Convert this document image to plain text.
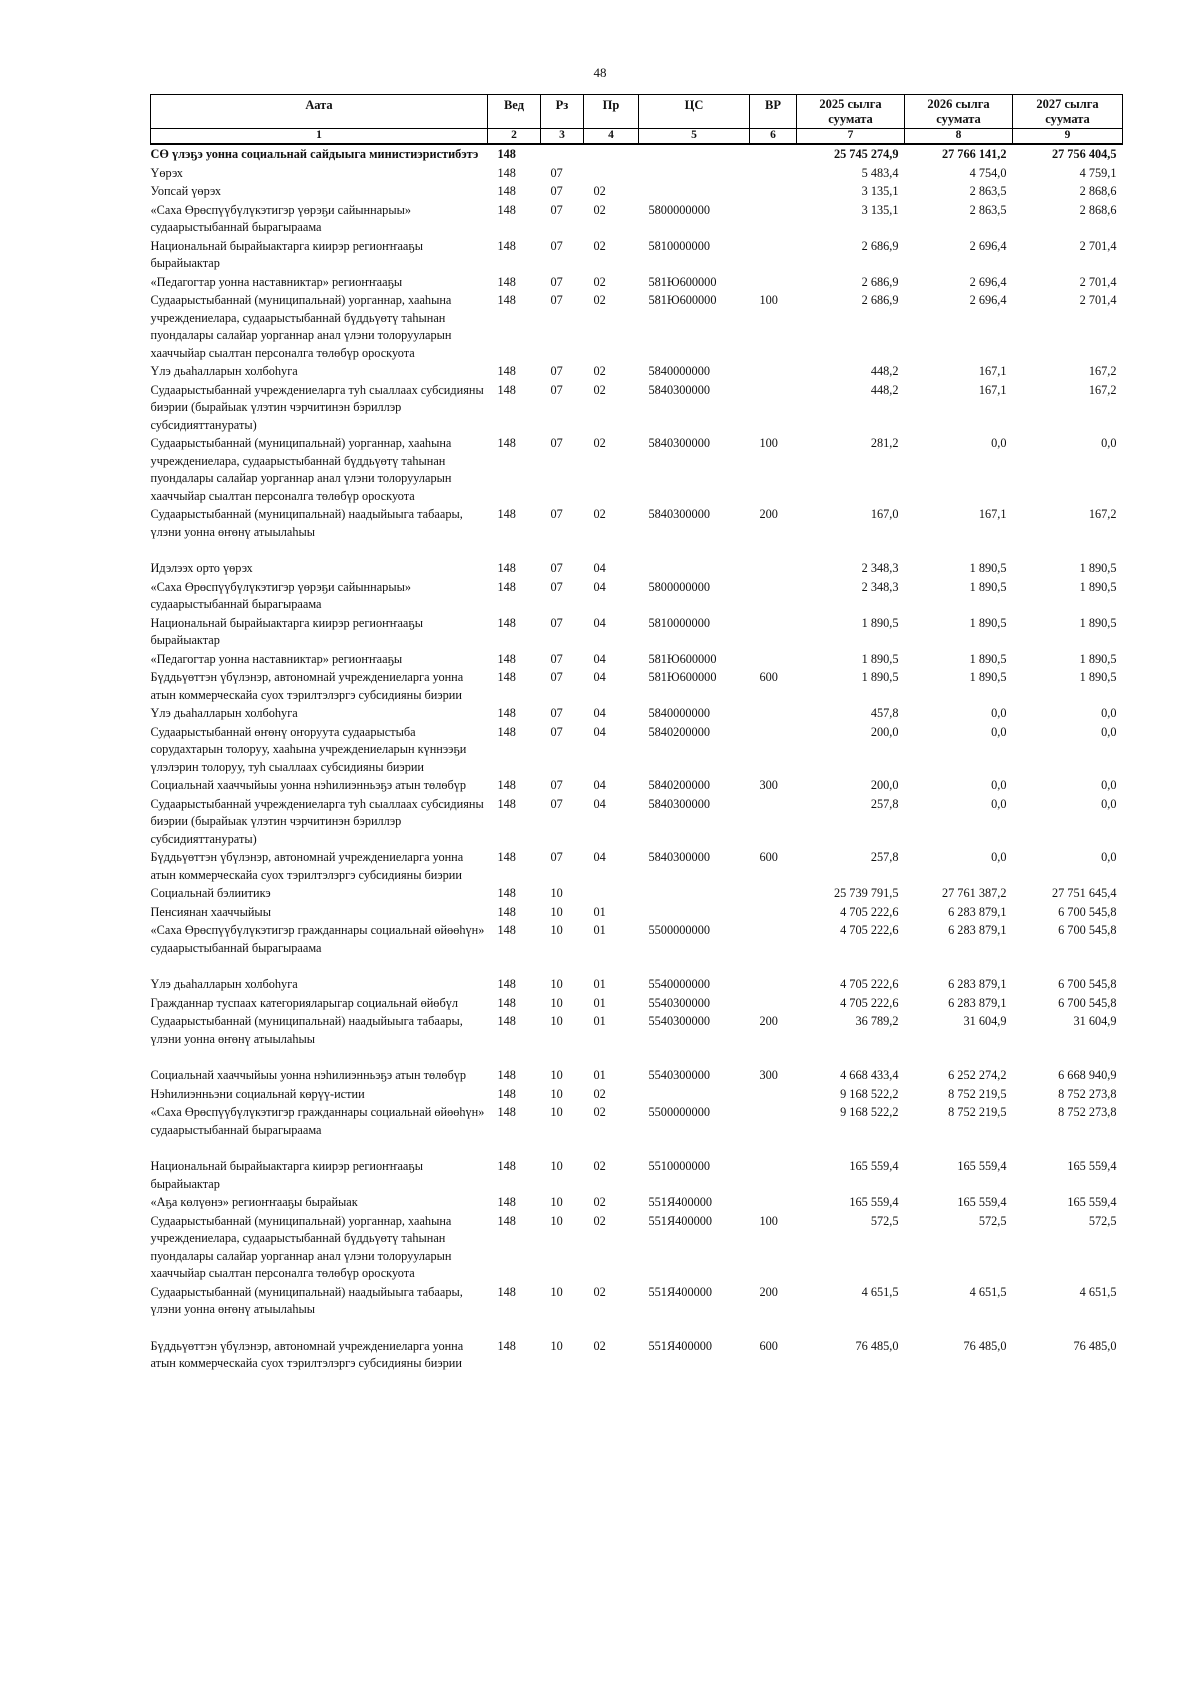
48
Аата	Вед	Рз	Пр	ЦС	ВР	2025 сылга суумата	2026 сылга суумата	2027 сылга суумата
1	2	3	4	5	6	7	8	9
СӨ үлэҕэ уонна социальнай сайдыыга министиэристибэтэ	148					25 745 274,9	27 766 141,2	27 756 404,5
Үөрэх	148	07				5 483,4	4 754,0	4 759,1
Уопсай үөрэх	148	07	02			3 135,1	2 863,5	2 868,6
«Саха Өрөспүүбүлүкэтигэр үөрэҕи сайыннарыы» судаарыстыбаннай бырагыраама	148	07	02	5800000000		3 135,1	2 863,5	2 868,6
Национальнай бырайыактарга киирэр региоҥҥааҕы бырайыактар	148	07	02	5810000000		2 686,9	2 696,4	2 701,4
«Педагогтар уонна наставниктар» региоҥҥааҕы	148	07	02	581Ю600000		2 686,9	2 696,4	2 701,4
Судаарыстыбаннай (муниципальнай) уорганнар, хааһына учреждениелара, судаарыстыбаннай бүддьүөтү таһынан пуондалары салайар уорганнар анал үлэни толорууларын хааччыйар сыалтан персоналга төлөбүр ороскуота	148	07	02	581Ю600000	100	2 686,9	2 696,4	2 701,4
Үлэ дьаһалларын холбоһуга	148	07	02	5840000000		448,2	167,1	167,2
Судаарыстыбаннай учреждениеларга туһ сыаллаах субсидияны биэрии (бырайыак үлэтин чэрчитинэн бэриллэр субсидияттанураты)	148	07	02	5840300000		448,2	167,1	167,2
Судаарыстыбаннай (муниципальнай) уорганнар, хааһына учреждениелара, судаарыстыбаннай бүддьүөтү таһынан пуондалары салайар уорганнар анал үлэни толорууларын хааччыйар сыалтан персоналга төлөбүр ороскуота	148	07	02	5840300000	100	281,2	0,0	0,0
Судаарыстыбаннай (муниципальнай) наадыйыыга табаары, үлэни уонна өҥөнү атыылаһыы	148	07	02	5840300000	200	167,0	167,1	167,2
Идэлээх орто үөрэх	148	07	04			2 348,3	1 890,5	1 890,5
«Саха Өрөспүүбүлүкэтигэр үөрэҕи сайыннарыы» судаарыстыбаннай бырагыраама	148	07	04	5800000000		2 348,3	1 890,5	1 890,5
Национальнай бырайыактарга киирэр региоҥҥааҕы бырайыактар	148	07	04	5810000000		1 890,5	1 890,5	1 890,5
«Педагогтар уонна наставниктар» региоҥҥааҕы	148	07	04	581Ю600000		1 890,5	1 890,5	1 890,5
Бүддьүөттэн үбүлэнэр, автономнай учреждениеларга уонна атын коммерческайа суох тэрилтэлэргэ субсидияны биэрии	148	07	04	581Ю600000	600	1 890,5	1 890,5	1 890,5
Үлэ дьаһалларын холбоһуга	148	07	04	5840000000		457,8	0,0	0,0
Судаарыстыбаннай өҥөнү оҥоруута судаарыстыба сорудахтарын толоруу, хааһына учреждениеларын күннээҕи үлэлэрин толоруу, туһ сыаллаах субсидияны биэрии	148	07	04	5840200000		200,0	0,0	0,0
Социальнай хааччыйыы уонна нэһилиэнньэҕэ атын төлөбүр	148	07	04	5840200000	300	200,0	0,0	0,0
Судаарыстыбаннай учреждениеларга туһ сыаллаах субсидияны биэрии (бырайыак үлэтин чэрчитинэн бэриллэр субсидияттанураты)	148	07	04	5840300000		257,8	0,0	0,0
Бүддьүөттэн үбүлэнэр, автономнай учреждениеларга уонна атын коммерческайа суох тэрилтэлэргэ субсидияны биэрии	148	07	04	5840300000	600	257,8	0,0	0,0
Социальнай бэлиитикэ	148	10				25 739 791,5	27 761 387,2	27 751 645,4
Пенсиянан хааччыйыы	148	10	01			4 705 222,6	6 283 879,1	6 700 545,8
«Саха Өрөспүүбүлүкэтигэр гражданнары социальнай өйөөһүн» судаарыстыбаннай бырагыраама	148	10	01	5500000000		4 705 222,6	6 283 879,1	6 700 545,8
Үлэ дьаһалларын холбоһуга	148	10	01	5540000000		4 705 222,6	6 283 879,1	6 700 545,8
Гражданнар туспаах категорияларыгар социальнай өйөбүл	148	10	01	5540300000		4 705 222,6	6 283 879,1	6 700 545,8
Судаарыстыбаннай (муниципальнай) наадыйыыга табаары, үлэни уонна өҥөнү атыылаһыы	148	10	01	5540300000	200	36 789,2	31 604,9	31 604,9
Социальнай хааччыйыы уонна нэһилиэнньэҕэ атын төлөбүр	148	10	01	5540300000	300	4 668 433,4	6 252 274,2	6 668 940,9
Нэһилиэнньэни социальнай көрүү-истии	148	10	02			9 168 522,2	8 752 219,5	8 752 273,8
«Саха Өрөспүүбүлүкэтигэр гражданнары социальнай өйөөһүн» судаарыстыбаннай бырагыраама	148	10	02	5500000000		9 168 522,2	8 752 219,5	8 752 273,8
Национальнай бырайыактарга киирэр региоҥҥааҕы бырайыактар	148	10	02	5510000000		165 559,4	165 559,4	165 559,4
«Аҕа көлүөнэ» региоҥҥааҕы бырайыак	148	10	02	551Я400000		165 559,4	165 559,4	165 559,4
Судаарыстыбаннай (муниципальнай) уорганнар, хааһына учреждениелара, судаарыстыбаннай бүддьүөтү таһынан пуондалары салайар уорганнар анал үлэни толорууларын хааччыйар сыалтан персоналга төлөбүр ороскуота	148	10	02	551Я400000	100	572,5	572,5	572,5
Судаарыстыбаннай (муниципальнай) наадыйыыга табаары, үлэни уонна өҥөнү атыылаһыы	148	10	02	551Я400000	200	4 651,5	4 651,5	4 651,5
Бүддьүөттэн үбүлэнэр, автономнай учреждениеларга уонна атын коммерческайа суох тэрилтэлэргэ субсидияны биэрии	148	10	02	551Я400000	600	76 485,0	76 485,0	76 485,0
